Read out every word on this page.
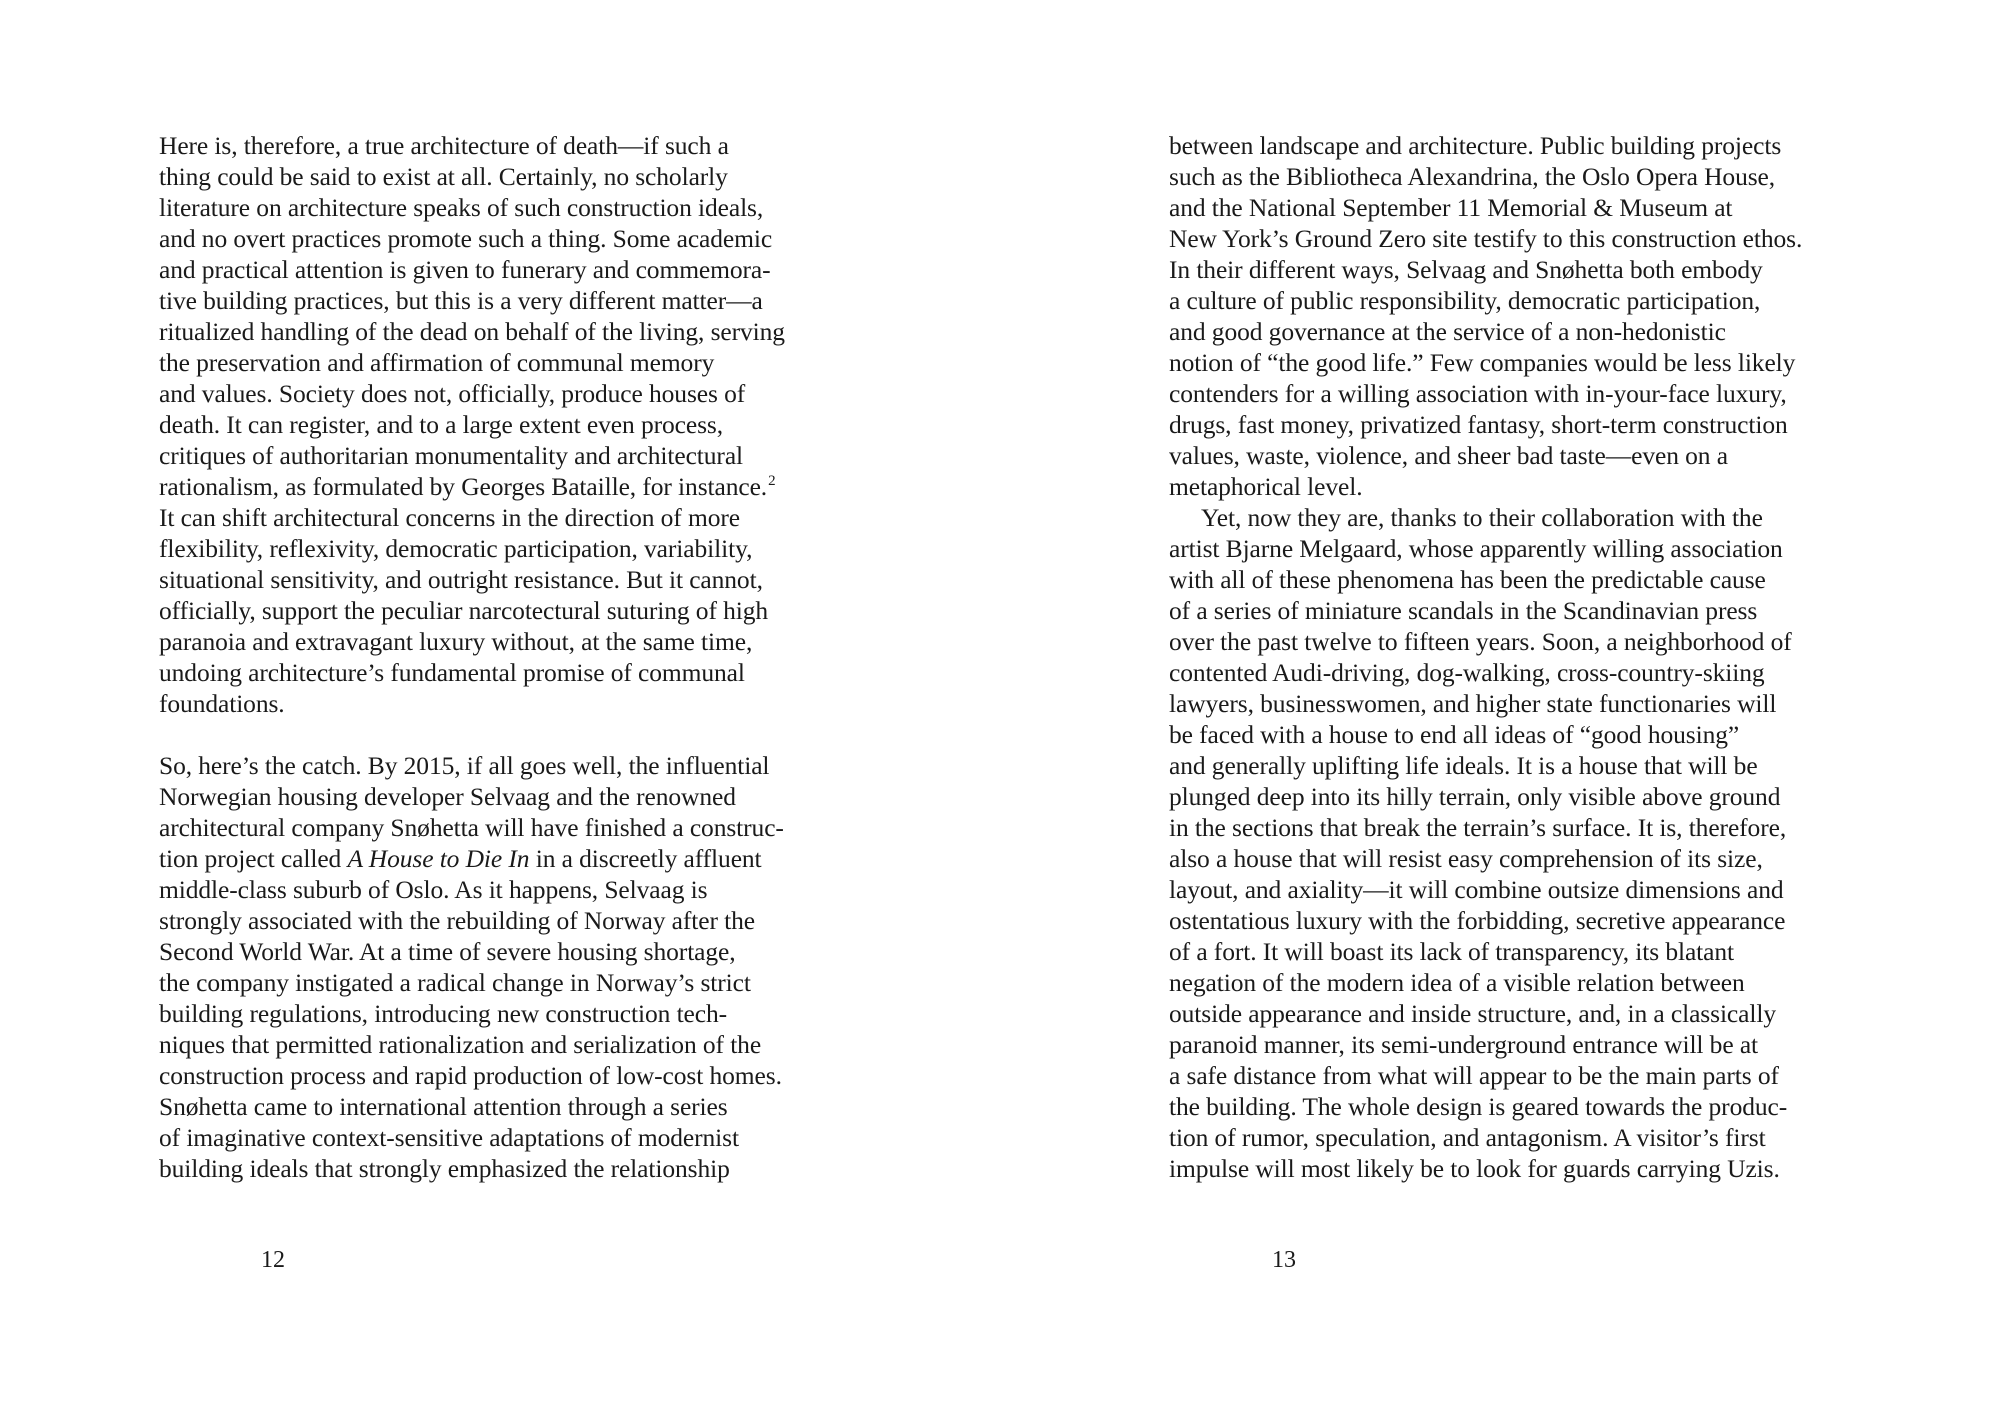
Here is, therefore, a true architecture of death—if such a
thing could be said to exist at all. Certainly, no scholarly
literature on architecture speaks of such construction ideals,
and no overt practices promote such a thing. Some academic
and practical attention is given to funerary and commemora-
tive building practices, but this is a very different matter—a
ritualized handling of the dead on behalf of the living, serving
the preservation and affirmation of communal memory
and values. Society does not, officially, produce houses of
death. It can register, and to a large extent even process,
critiques of authoritarian monumentality and architectural
rationalism, as formulated by Georges Bataille, for instance.$^2$
It can shift architectural concerns in the direction of more
flexibility, reflexivity, democratic participation, variability,
situational sensitivity, and outright resistance. But it cannot,
officially, support the peculiar narcotectural suturing of high
paranoia and extravagant luxury without, at the same time,
undoing architecture’s fundamental promise of communal
foundations.
So, here’s the catch. By 2015, if all goes well, the influential
Norwegian housing developer Selvaag and the renowned
architectural company Snøhetta will have finished a construc-
tion project called A House to Die In in a discreetly affluent
middle-class suburb of Oslo. As it happens, Selvaag is
strongly associated with the rebuilding of Norway after the
Second World War. At a time of severe housing shortage,
the company instigated a radical change in Norway’s strict
building regulations, introducing new construction tech-
niques that permitted rationalization and serialization of the
construction process and rapid production of low-cost homes.
Snøhetta came to international attention through a series
of imaginative context-sensitive adaptations of modernist
building ideals that strongly emphasized the relationship
12
between landscape and architecture. Public building projects
such as the Bibliotheca Alexandrina, the Oslo Opera House,
and the National September 11 Memorial & Museum at
New York’s Ground Zero site testify to this construction ethos.
In their different ways, Selvaag and Snøhetta both embody
a culture of public responsibility, democratic participation,
and good governance at the service of a non-hedonistic
notion of “the good life.” Few companies would be less likely
contenders for a willing association with in-your-face luxury,
drugs, fast money, privatized fantasy, short-term construction
values, waste, violence, and sheer bad taste—even on a
metaphorical level.
Yet, now they are, thanks to their collaboration with the
artist Bjarne Melgaard, whose apparently willing association
with all of these phenomena has been the predictable cause
of a series of miniature scandals in the Scandinavian press
over the past twelve to fifteen years. Soon, a neighborhood of
contented Audi-driving, dog-walking, cross-country-skiing
lawyers, businesswomen, and higher state functionaries will
be faced with a house to end all ideas of “good housing”
and generally uplifting life ideals. It is a house that will be
plunged deep into its hilly terrain, only visible above ground
in the sections that break the terrain’s surface. It is, therefore,
also a house that will resist easy comprehension of its size,
layout, and axiality—it will combine outsize dimensions and
ostentatious luxury with the forbidding, secretive appearance
of a fort. It will boast its lack of transparency, its blatant
negation of the modern idea of a visible relation between
outside appearance and inside structure, and, in a classically
paranoid manner, its semi-underground entrance will be at
a safe distance from what will appear to be the main parts of
the building. The whole design is geared towards the produc-
tion of rumor, speculation, and antagonism. A visitor’s first
impulse will most likely be to look for guards carrying Uzis.
13
